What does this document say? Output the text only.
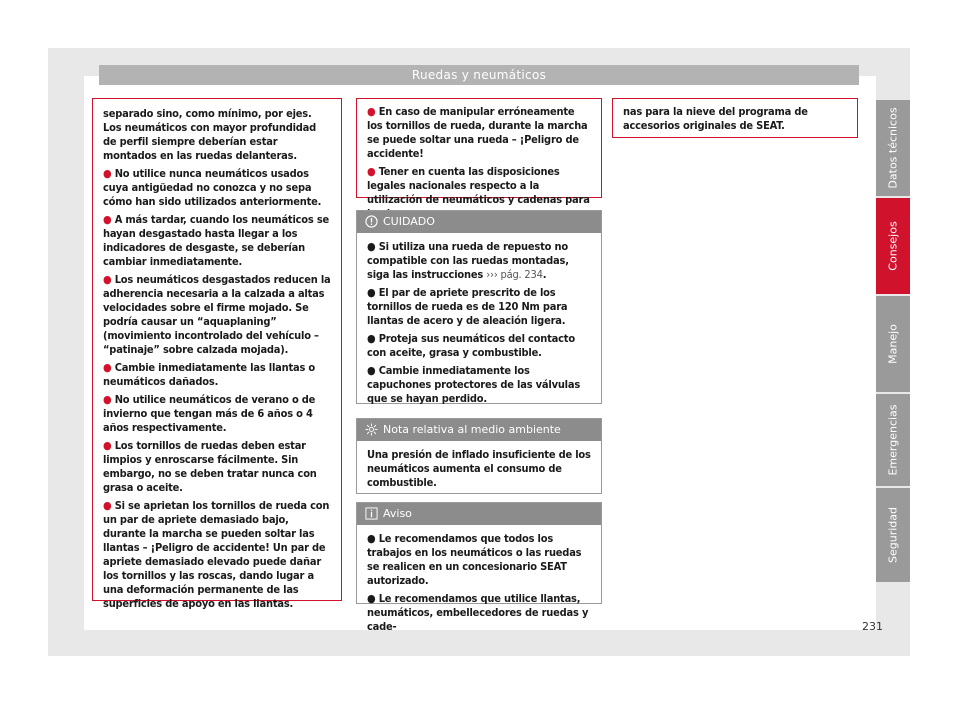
Ruedas y neumáticos

separado sino, como mínimo, por ejes. Los neumáticos con mayor profundidad de perfil siempre deberían estar montados en las ruedas delanteras.

● No utilice nunca neumáticos usados cuya antigüedad no conozca y no sepa cómo han sido utilizados anteriormente.

● A más tardar, cuando los neumáticos se hayan desgastado hasta llegar a los indicadores de desgaste, se deberían cambiar inmediatamente.

● Los neumáticos desgastados reducen la adherencia necesaria a la calzada a altas velocidades sobre el firme mojado. Se podría causar un “aquaplaning” (movimiento incontrolado del vehículo – “patinaje” sobre calzada mojada).

● Cambie inmediatamente las llantas o neumáticos dañados.

● No utilice neumáticos de verano o de invierno que tengan más de 6 años o 4 años respectivamente.

● Los tornillos de ruedas deben estar limpios y enroscarse fácilmente. Sin embargo, no se deben tratar nunca con grasa o aceite.

● Si se aprietan los tornillos de rueda con un par de apriete demasiado bajo, durante la marcha se pueden soltar las llantas – ¡Peligro de accidente! Un par de apriete demasiado elevado puede dañar los tornillos y las roscas, dando lugar a una deformación permanente de las superficies de apoyo en las llantas.

● En caso de manipular erróneamente los tornillos de rueda, durante la marcha se puede soltar una rueda – ¡Peligro de accidente!

● Tener en cuenta las disposiciones legales nacionales respecto a la utilización de neumáticos y cadenas para

CUIDADO

● Si utiliza una rueda de repuesto no compatible con las ruedas montadas, siga las instrucciones ››› pág. 234.

● El par de apriete prescrito de los tornillos de rueda es de 120 Nm para llantas de acero y de aleación ligera.

● Proteja sus neumáticos del contacto con aceite, grasa y combustible.

● Cambie inmediatamente los capuchones protectores de las válvulas que se hayan perdido.

Nota relativa al medio ambiente

Una presión de inflado insuficiente de los neumáticos aumenta el consumo de combustible.

Aviso

● Le recomendamos que todos los trabajos en los neumáticos o las ruedas se realicen en un concesionario SEAT autorizado.

● Le recomendamos que utilice llantas, neumáticos, embellecedores de ruedas y cade-

nas para la nieve del programa de accesorios originales de SEAT.	Datos técnicos
Consejos
Manejo
Emergencias
Seguridad
231
